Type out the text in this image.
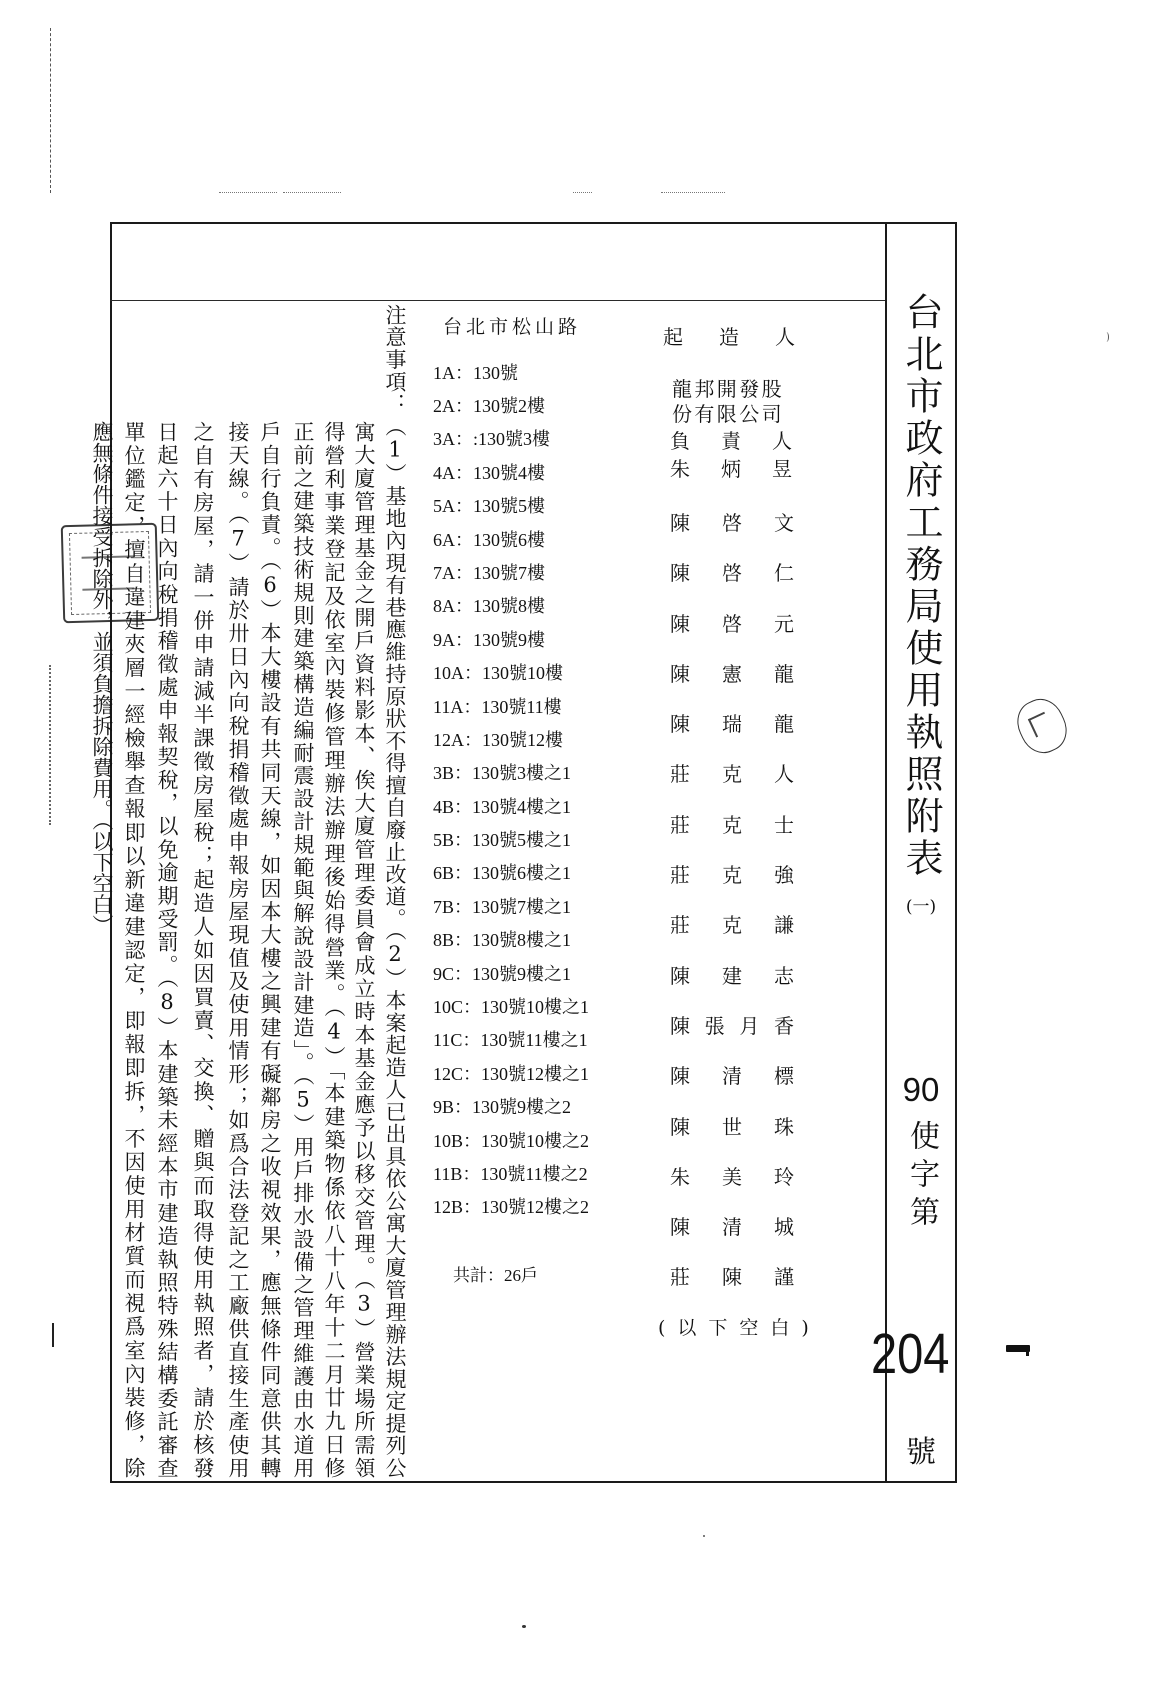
台北市政府工務局使用執照附表
(一)
90
使字第
204
號
台北市松山路
1A：130號
2A：130號2樓
3A：:130號3樓
4A：130號4樓
5A：130號5樓
6A：130號6樓
7A：130號7樓
8A：130號8樓
9A：130號9樓
10A：130號10樓
11A：130號11樓
12A：130號12樓
3B：130號3樓之1
4B：130號4樓之1
5B：130號5樓之1
6B：130號6樓之1
7B：130號7樓之1
8B：130號8樓之1
9C：130號9樓之1
10C：130號10樓之1
11C：130號11樓之1
12C：130號12樓之1
9B：130號9樓之2
10B：130號10樓之2
11B：130號11樓之2
12B：130號12樓之2
共計：26戶
起造人
龍邦開發股
份有限公司
負責人
朱炳昱
陳啓文
陳啓仁
陳啓元
陳憲龍
陳瑞龍
莊克人
莊克士
莊克強
莊克謙
陳建志
陳張月香
陳清標
陳世珠
朱美玲
陳清城
莊陳謹
(以下空白)
注意事項：（1）基地內現有巷應維持原狀不得擅自廢止改道。（2）本案起造人已出具依公寓大廈管理辦法規定提列公
寓大廈管理基金之開戶資料影本、俟大廈管理委員會成立時本基金應予以移交管理。（3）營業場所需領
得營利事業登記及依室內裝修管理辦法辦理後始得營業。（4）「本建築物係依八十八年十二月廿九日修
正前之建築技術規則建築構造編耐震設計規範與解說設計建造」。（5）用戶排水設備之管理維護由水道用
戶自行負責。（6）本大樓設有共同天線，如因本大樓之興建有礙鄰房之收視效果，應無條件同意供其轉
接天線。（7）請於卅日內向稅捐稽徵處申報房屋現值及使用情形；如爲合法登記之工廠供直接生產使用
之自有房屋，請一併申請減半課徵房屋稅；起造人如因買賣、交換、贈與而取得使用執照者，請於核發
日起六十日內向稅捐稽徵處申報契稅，以免逾期受罰。（8）本建築未經本市建造執照特殊結構委託審查
單位鑑定，擅自違建夾層一經檢舉查報即以新違建認定，即報即拆，不因使用材質而視爲室內裝修，除
應無條件接受拆除外，並須負擔拆除費用。（以下空白）
